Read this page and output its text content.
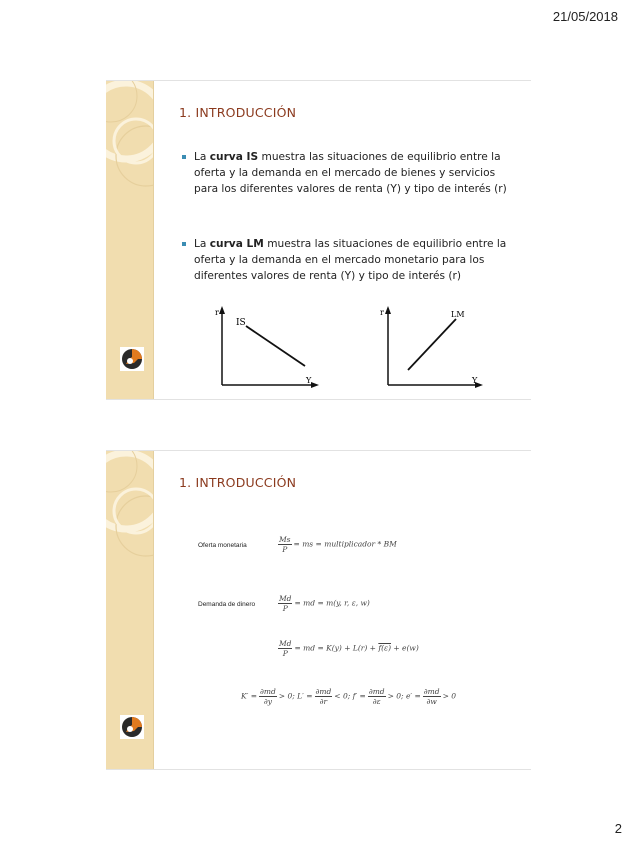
21/05/2018
1. INTRODUCCIÓN
La curva IS muestra las situaciones de equilibrio entre la oferta y la demanda en el mercado de bienes y servicios para los diferentes valores de renta (Y) y tipo de interés (r)
La curva LM muestra las situaciones de equilibrio entre la oferta y la demanda en el mercado monetario para los diferentes valores de renta (Y) y tipo de interés (r)
r
Y
IS
r
Y
LM
1. INTRODUCCIÓN
Oferta monetaria	$\frac{Ms}{P}$ = ms = multiplicador * BM
Demanda de dinero	$\frac{Md}{P}$ = md = m(y, r, ε, w)
$\frac{Md}{P}$ = md = K(y) + L(r) + f(ε) + e(w)
$K' = \frac{\partial md}{\partial y} > 0$; $L' = \frac{\partial md}{\partial r} < 0$; $f' = \frac{\partial md}{\partial\varepsilon} > 0$; $e' = \frac{\partial md}{\partial w} > 0$
2
